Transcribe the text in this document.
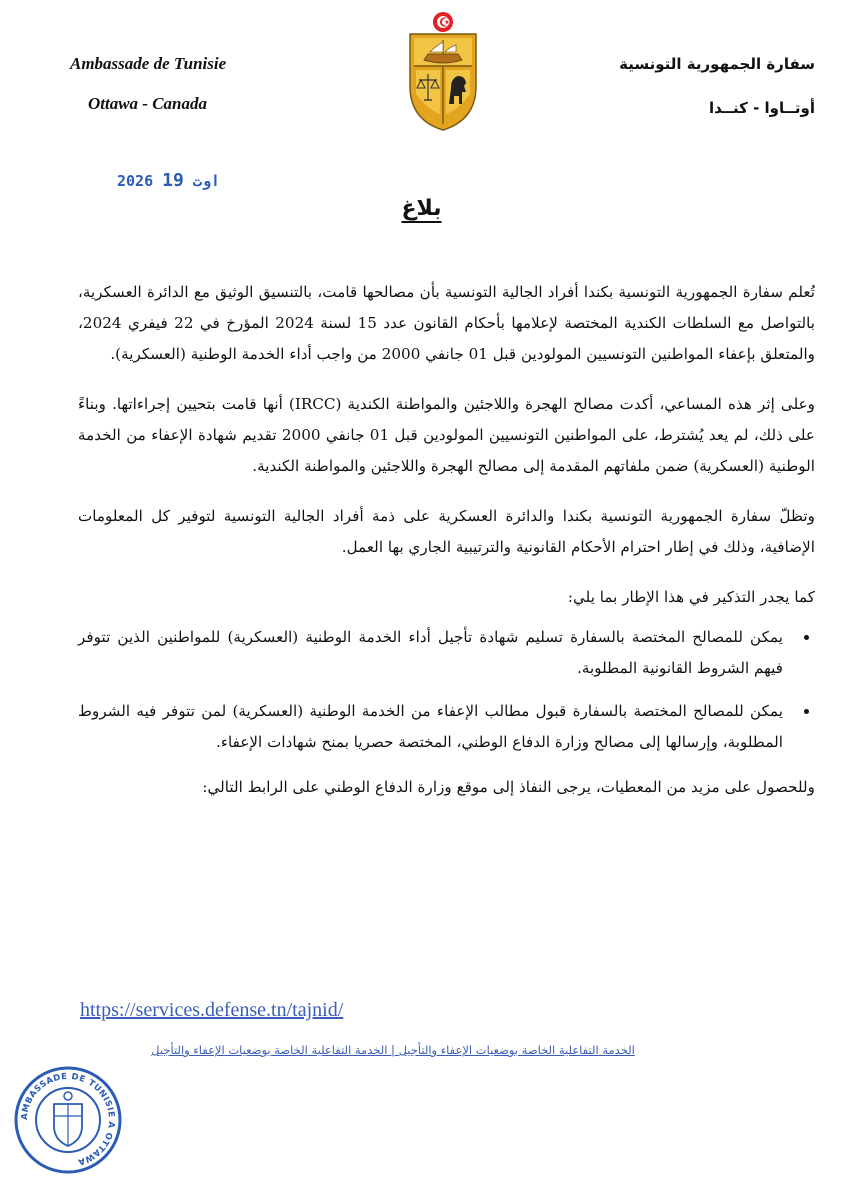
Ambassade de Tunisie
Ottawa - Canada
سفارة الجمهورية التونسية
أوتــاوا - كنــدا
2026	اوت 19
بلاغ

تُعلم سفارة الجمهورية التونسية بكندا أفراد الجالية التونسية بأن مصالحها قامت، بالتنسيق الوثيق مع الدائرة العسكرية، بالتواصل مع السلطات الكندية المختصة لإعلامها بأحكام القانون عدد 15 لسنة 2024 المؤرخ في 22 فيفري 2024، والمتعلق بإعفاء المواطنين التونسيين المولودين قبل 01 جانفي 2000 من واجب أداء الخدمة الوطنية (العسكرية).

وعلى إثر هذه المساعي، أكدت مصالح الهجرة واللاجئين والمواطنة الكندية (IRCC) أنها قامت بتحيين إجراءاتها. وبناءً على ذلك، لم يعد يُشترط، على المواطنين التونسيين المولودين قبل 01 جانفي 2000 تقديم شهادة الإعفاء من الخدمة الوطنية (العسكرية) ضمن ملفاتهم المقدمة إلى مصالح الهجرة واللاجئين والمواطنة الكندية.

وتظلّ سفارة الجمهورية التونسية بكندا والدائرة العسكرية على ذمة أفراد الجالية التونسية لتوفير كل المعلومات الإضافية، وذلك في إطار احترام الأحكام القانونية والترتيبية الجاري بها العمل.

كما يجدر التذكير في هذا الإطار بما يلي:

• يمكن للمصالح المختصة بالسفارة تسليم شهادة تأجيل أداء الخدمة الوطنية (العسكرية) للمواطنين الذين تتوفر فيهم الشروط القانونية المطلوبة.
• يمكن للمصالح المختصة بالسفارة قبول مطالب الإعفاء من الخدمة الوطنية (العسكرية) لمن تتوفر فيه الشروط المطلوبة، وإرسالها إلى مصالح وزارة الدفاع الوطني، المختصة حصريا بمنح شهادات الإعفاء.

وللحصول على مزيد من المعطيات، يرجى النفاذ إلى موقع وزارة الدفاع الوطني على الرابط التالي:

https://services.defense.tn/tajnid/
الخدمة التفاعلية الخاصة بوضعيات الإعفاء والتأجيل | الخدمة التفاعلية الخاصة بوضعيات الإعفاء والتأجيل
AMBASSADE DE TUNISIE A OTTAWA
